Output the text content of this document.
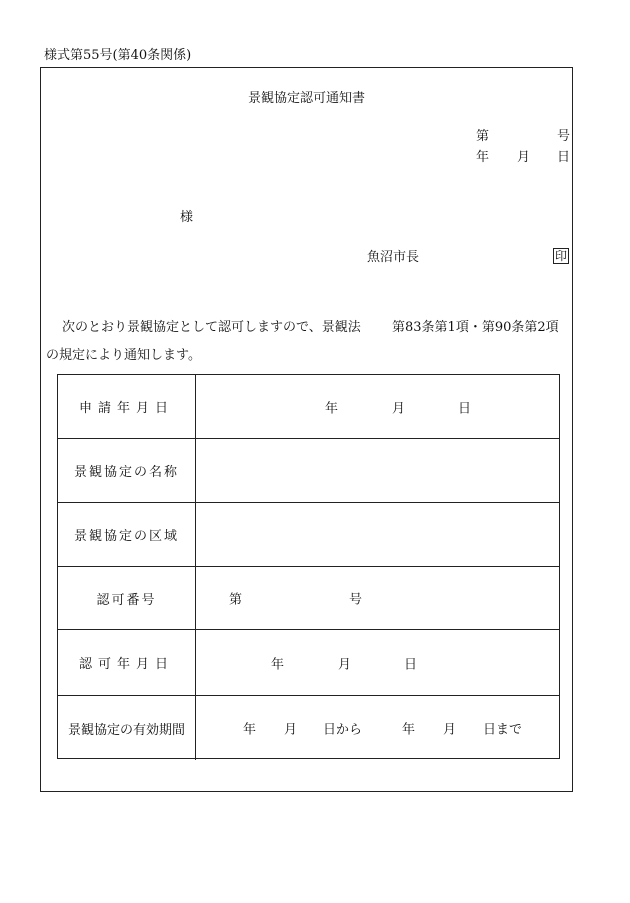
様式第55号(第40条関係)
景観協定認可通知書
第	号
年 月 日
様
魚沼市長	印
次のとおり景観協定として認可しますので、景観法 第83条第1項・第90条第2項
の規定により通知します。
申請年月日	年	月	日
景観協定の名称
景観協定の区域
認可番号	第	号
認可年月日	年	月	日
景観協定の有効期間	年 月 日から	年 月 日まで
